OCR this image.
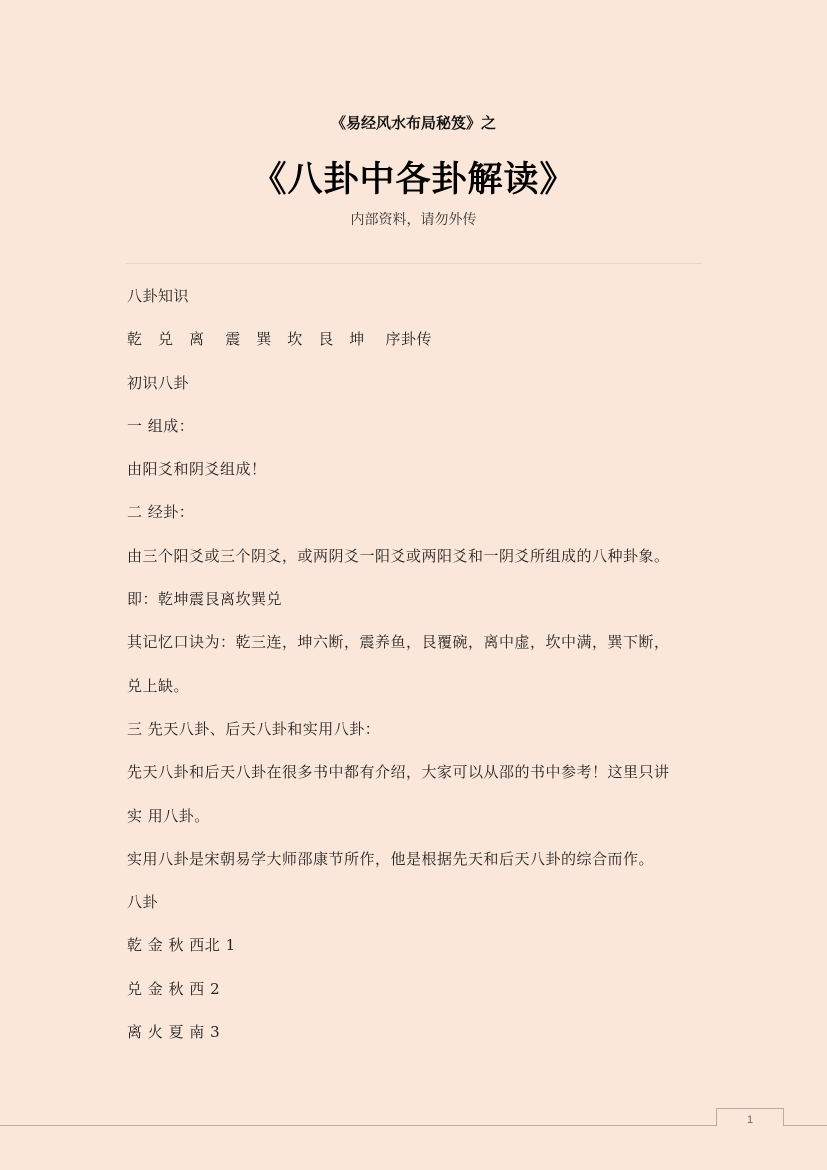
《易经风水布局秘笈》之
《八卦中各卦解读》
内部资料，请勿外传
八卦知识
乾　兑　离　 震　巽　坎　艮　坤　 序卦传
初识八卦
一 组成：
由阳爻和阴爻组成！
二 经卦：
由三个阳爻或三个阴爻，或两阴爻一阳爻或两阳爻和一阴爻所组成的八种卦象。
即：乾坤震艮离坎巽兑
其记忆口诀为：乾三连，坤六断，震养鱼，艮覆碗，离中虚，坎中满，巽下断，
兑上缺。
三 先天八卦、后天八卦和实用八卦：
先天八卦和后天八卦在很多书中都有介绍，大家可以从邵的书中参考！这里只讲
实 用八卦。
实用八卦是宋朝易学大师邵康节所作，他是根据先天和后天八卦的综合而作。
八卦
乾 金 秋 西北 1
兑 金 秋 西 2
离 火 夏 南 3
1
